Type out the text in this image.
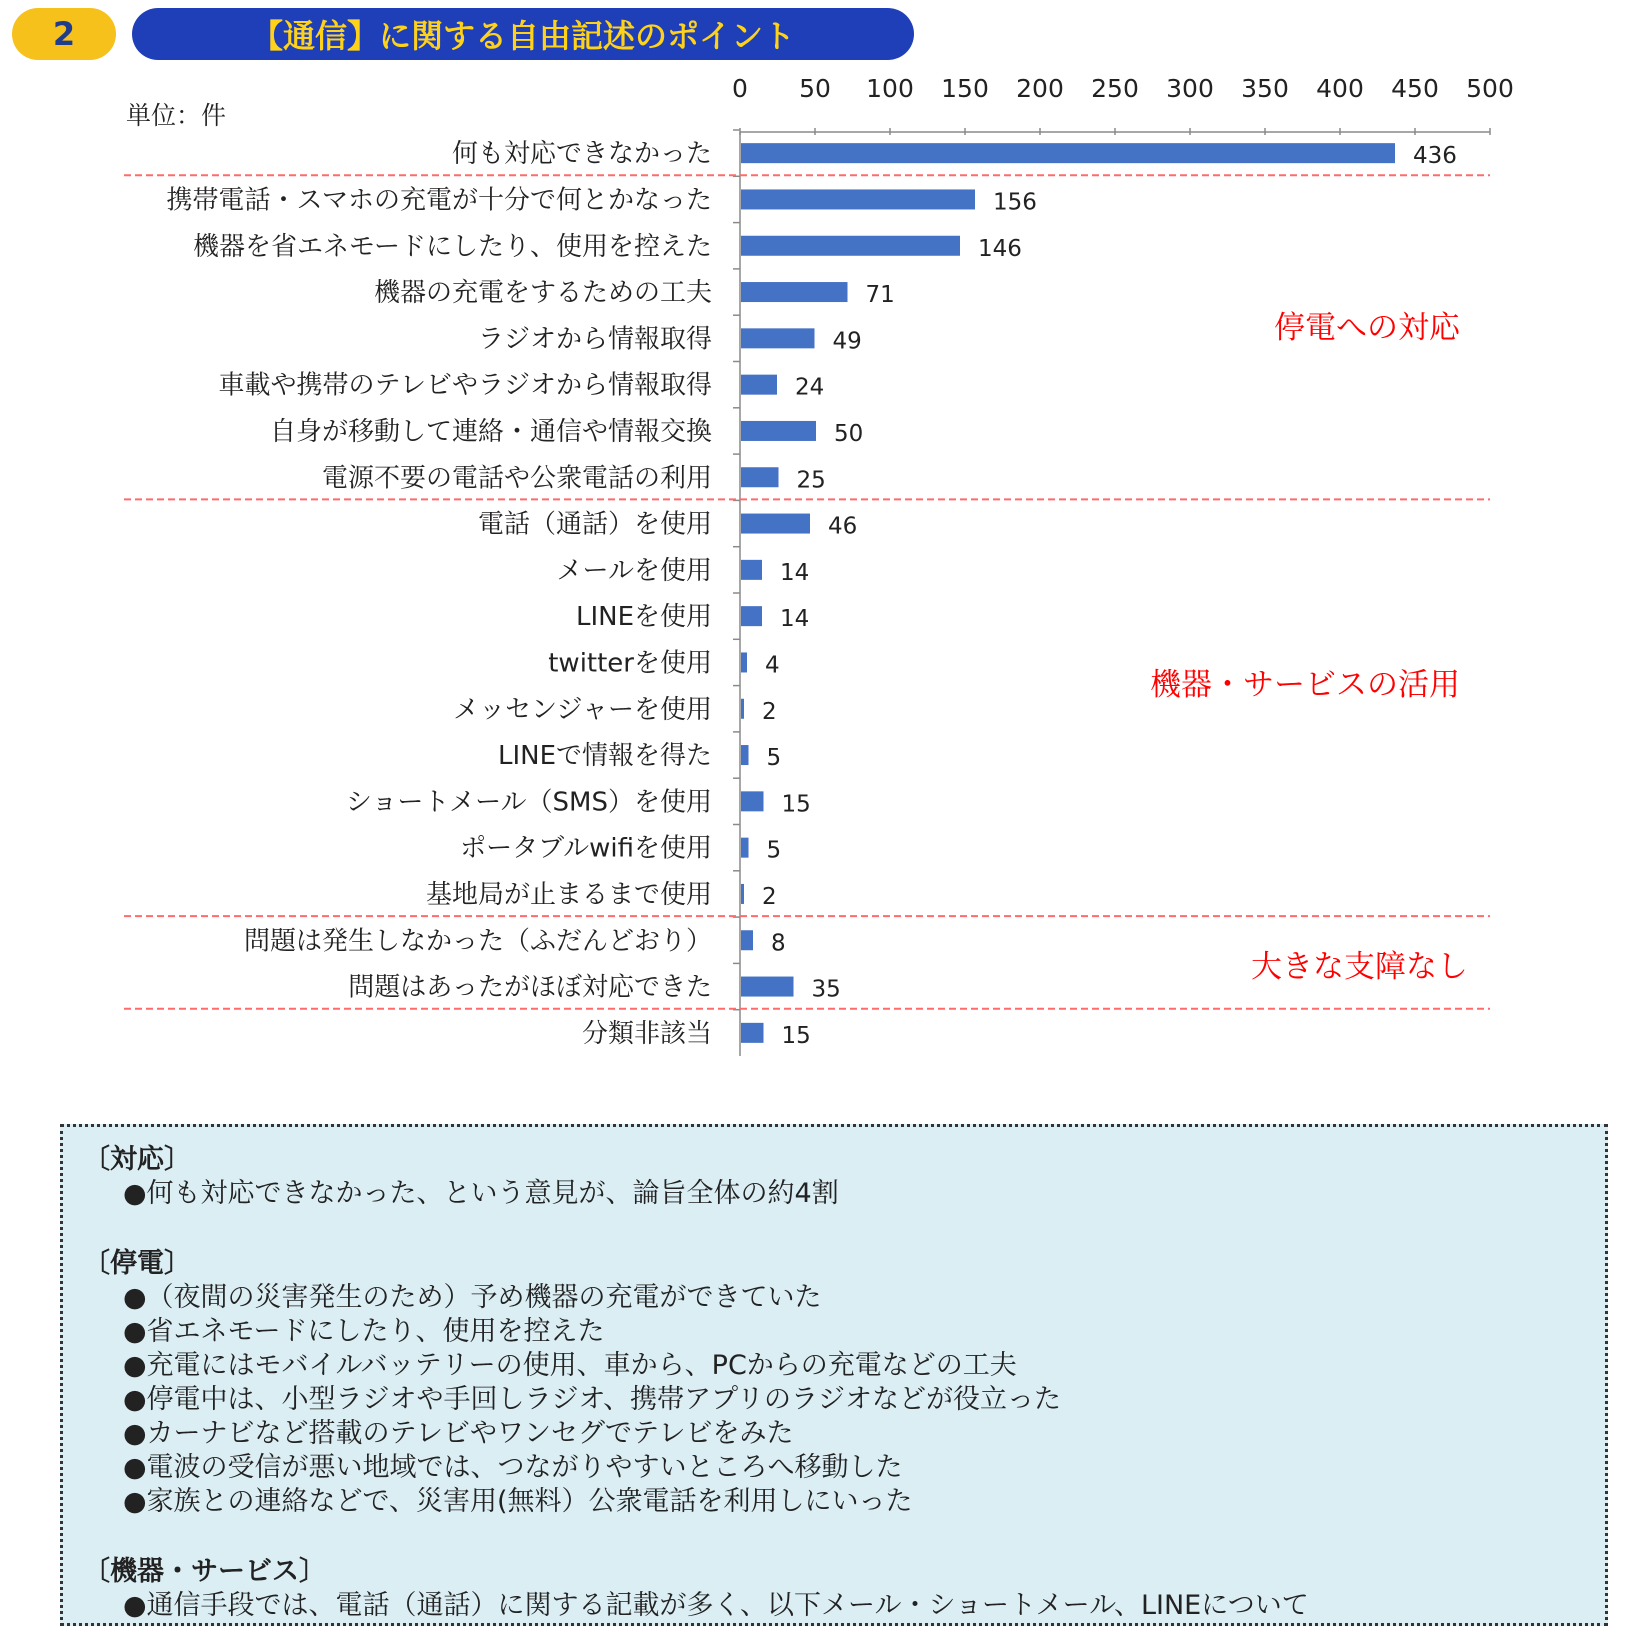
2	【通信】に関する自由記述のポイント
単位：件
停電への対応
機器・サービスの活用
大きな支障なし
0 50 100 150 200 250 300 350 400 450 500
何も対応できなかった	436
携帯電話・スマホの充電が十分で何とかなった	156
機器を省エネモードにしたり、使用を控えた	146
機器の充電をするための工夫	71
ラジオから情報取得	49
車載や携帯のテレビやラジオから情報取得	24
自身が移動して連絡・通信や情報交換	50
電源不要の電話や公衆電話の利用	25
電話（通話）を使用	46
メールを使用	14
LINEを使用	14
twitterを使用 4
メッセンジャーを使用 2
LINEで情報を得た 5
ショートメール（SMS）を使用	15
ポータブルwifiを使用 5
基地局が止まるまで使用 2
問題は発生しなかった（ふだんどおり）	8
問題はあったがほぼ対応できた	35
分類非該当	15
〔対応〕
●何も対応できなかった、という意見が、論旨全体の約4割
〔停電〕
●（夜間の災害発生のため）予め機器の充電ができていた
●省エネモードにしたり、使用を控えた
●充電にはモバイルバッテリーの使用、車から、PCからの充電などの工夫
●停電中は、小型ラジオや手回しラジオ、携帯アプリのラジオなどが役立った
●カーナビなど搭載のテレビやワンセグでテレビをみた
●電波の受信が悪い地域では、つながりやすいところへ移動した
●家族との連絡などで、災害用(無料）公衆電話を利用しにいった
〔機器・サービス〕
●通信手段では、電話（通話）に関する記載が多く、以下メール・ショートメール、LINEについて
